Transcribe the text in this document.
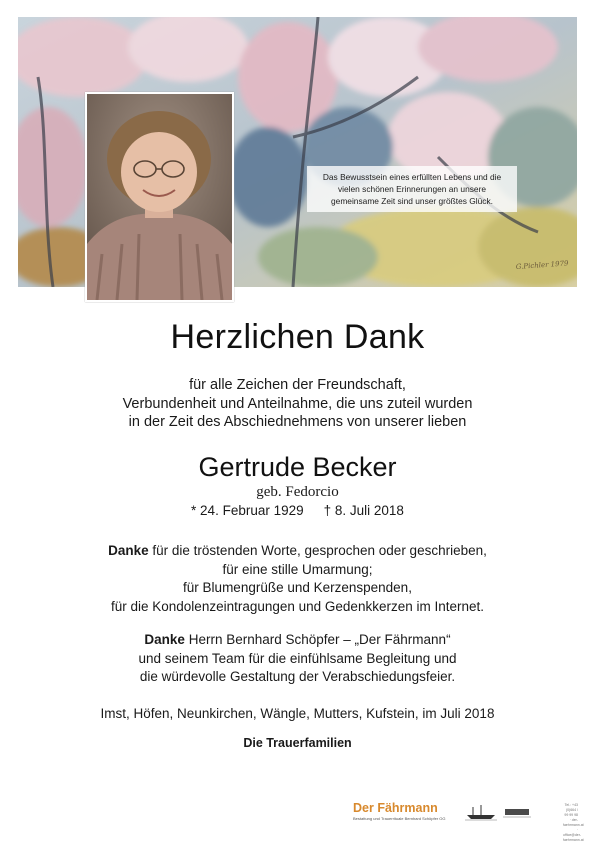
G.Pichler 1979
Das Bewusstsein eines erfüllten Lebens und die vielen schönen Erinnerungen an unsere gemeinsame Zeit sind unser größtes Glück.
Herzlichen Dank
für alle Zeichen der Freundschaft,
Verbundenheit und Anteilnahme, die uns zuteil wurden
in der Zeit des Abschiednehmens von unserer lieben
Gertrude Becker
geb. Fedorcio
* 24. Februar 1929 † 8. Juli 2018
Danke für die tröstenden Worte, gesprochen oder geschrieben,
für eine stille Umarmung;
für Blumengrüße und Kerzenspenden,
für die Kondolenzeintragungen und Gedenkkerzen im Internet.
Danke Herrn Bernhard Schöpfer – „Der Fährmann“
und seinem Team für die einfühlsame Begleitung und
die würdevolle Gestaltung der Verabschiedungsfeier.
Imst, Höfen, Neunkirchen, Wängle, Mutters, Kufstein, im Juli 2018
Die Trauerfamilien
Der Fährmann
Bestattung und Trauerrituale Bernhard Schöpfer OG
Tel.: +43 (0)664 / 99 99 98 · der-faehrmann.at · office@der-faehrmann.at
